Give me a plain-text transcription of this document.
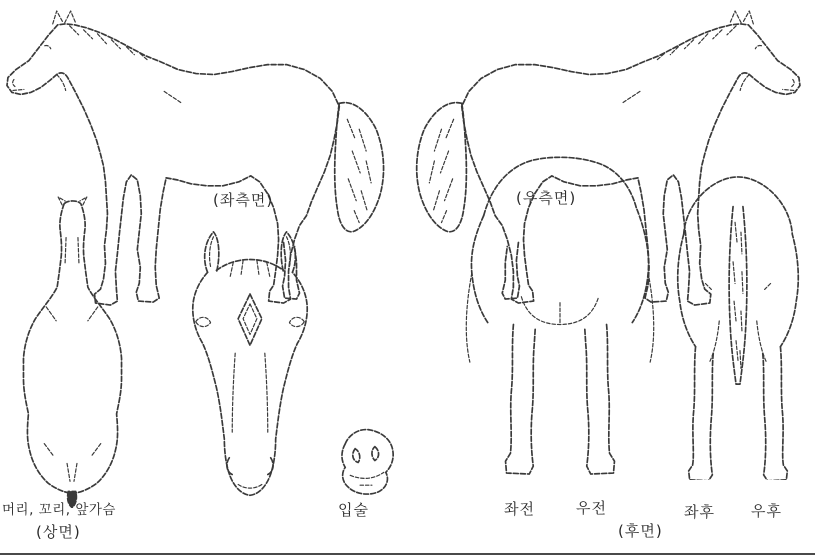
(좌측면)	(우측면)
머리, 꼬리, 앞가슴
(상면)
입술	좌전	우전
(후면)
좌후 우후
